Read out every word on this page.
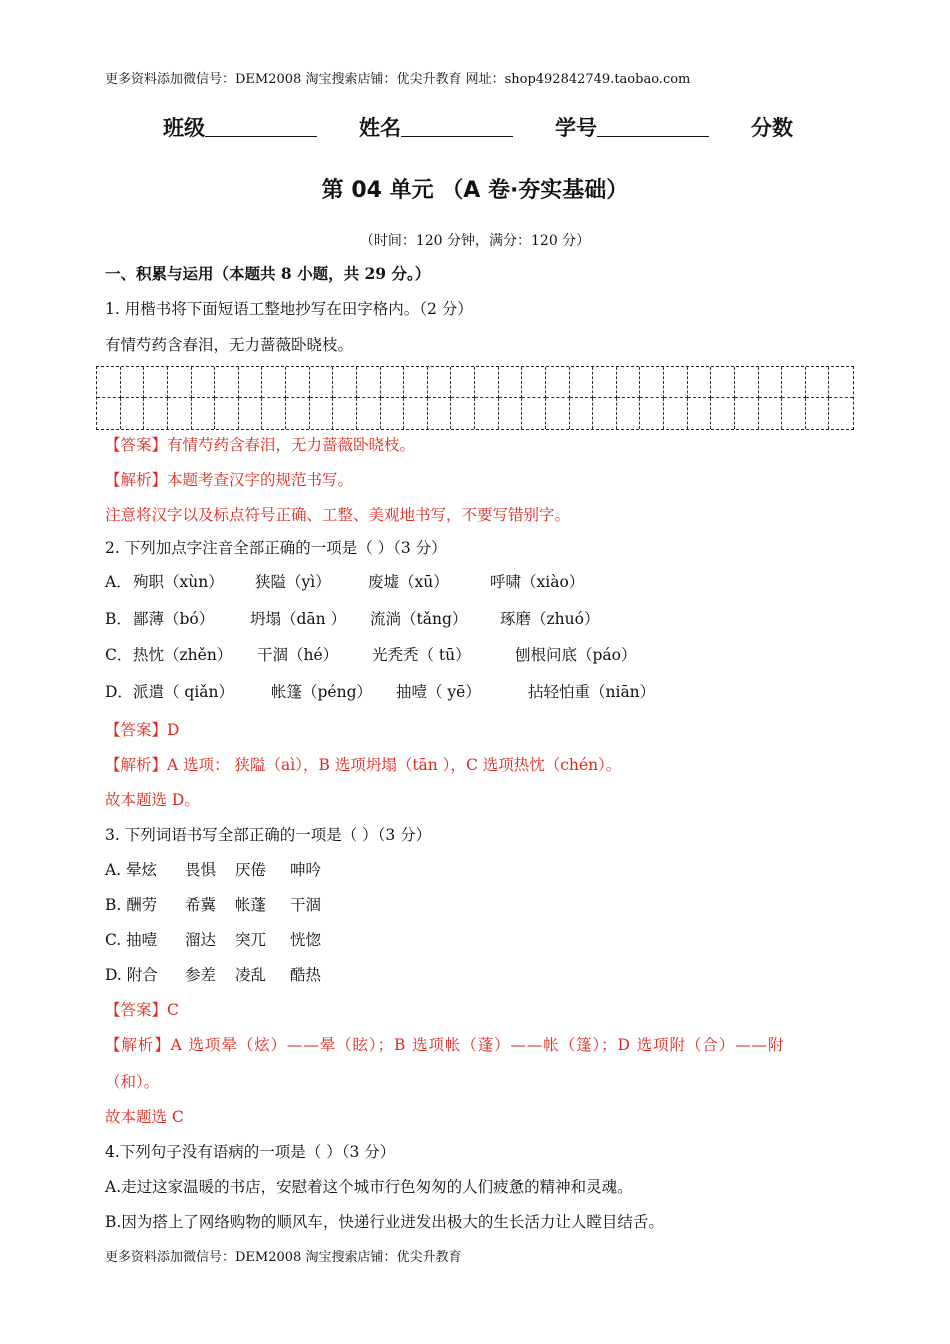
更多资料添加微信号：DEM2008 淘宝搜索店铺：优尖升教育 网址：shop492842749.taobao.com
班级	姓名	学号	分数
第 04 单元 （A 卷·夯实基础）
（时间：120 分钟，满分：120 分）
一、积累与运用（本题共 8 小题，共 29 分。）
1. 用楷书将下面短语工整地抄写在田字格内。（2 分）
有情芍药含春泪，无力蔷薇卧晓枝。
【答案】有情芍药含春泪，无力蔷薇卧晓枝。
【解析】本题考查汉字的规范书写。
注意将汉字以及标点符号正确、工整、美观地书写，不要写错别字。
2. 下列加点字注音全部正确的一项是（ ）（3 分）
A． 殉职（xùn） 狭隘（yì） 废墟（xū）	呼啸（xiào）
B． 鄙薄（bó） 坍塌（dān ） 流淌（tǎng） 琢磨（zhuó）
C． 热忱（zhěn） 干涸（hé） 光秃秃（ tū）	刨根问底（páo）
D． 派遣（ qiǎn） 帐篷（péng） 抽噎（ yē）	拈轻怕重（niān）
【答案】D
【解析】A 选项： 狭隘（aì），B 选项坍塌（tān ），C 选项热忱（chén）。
故本题选 D。
3. 下列词语书写全部正确的一项是（ ）（3 分）
A. 晕炫 畏惧 厌倦 呻吟
B. 酬劳 希冀 帐蓬 干涸
C. 抽噎 溜达 突兀 恍惚
D. 附合 参差 凌乱 酷热
【答案】C
【解析】A 选项晕（炫）——晕（眩）；B 选项帐（蓬）——帐（篷）；D 选项附（合）——附
（和）。
故本题选 C
4.下列句子没有语病的一项是（ ）（3 分）
A.走过这家温暖的书店，安慰着这个城市行色匆匆的人们疲惫的精神和灵魂。
B.因为搭上了网络购物的顺风车，快递行业迸发出极大的生长活力让人瞠目结舌。
更多资料添加微信号：DEM2008 淘宝搜索店铺：优尖升教育
